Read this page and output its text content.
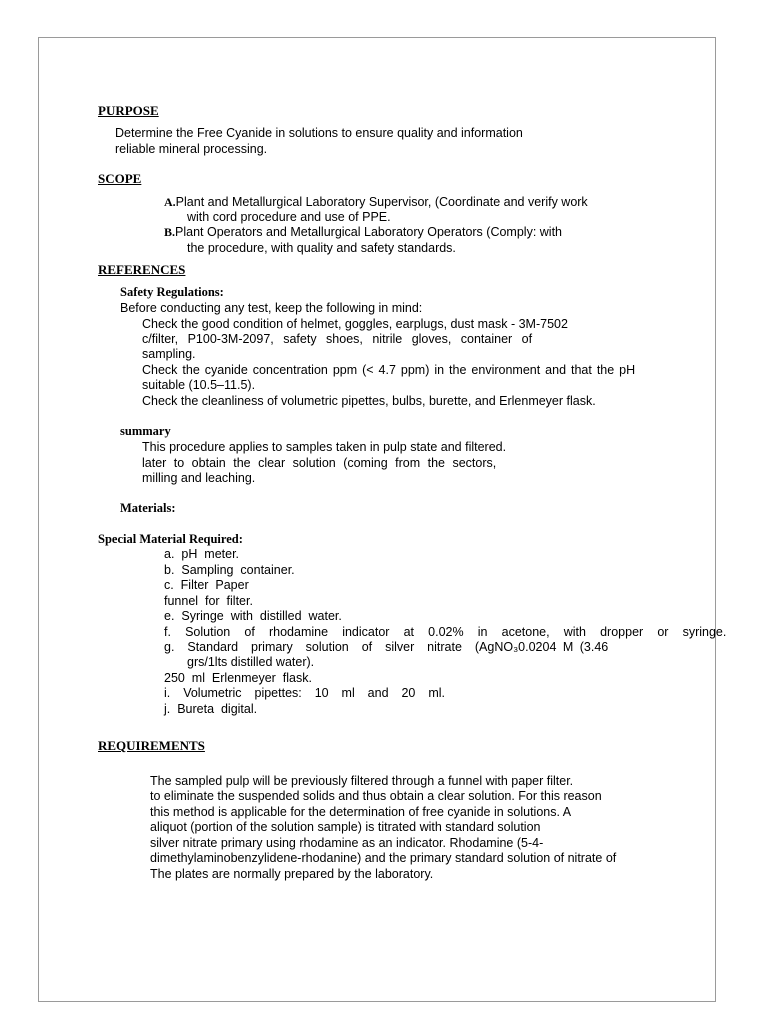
PURPOSE
Determine the Free Cyanide in solutions to ensure quality and information
reliable mineral processing.
SCOPE
A.Plant and Metallurgical Laboratory Supervisor, (Coordinate and verify work
with cord procedure and use of PPE.
B.Plant Operators and Metallurgical Laboratory Operators (Comply: with
the procedure, with quality and safety standards.
REFERENCES
Safety Regulations:
Before conducting any test, keep the following in mind:
Check the good condition of helmet, goggles, earplugs, dust mask - 3M-7502
c/filter, P100-3M-2097, safety shoes, nitrile gloves, container of
sampling.
Check the cyanide concentration ppm (< 4.7 ppm) in the environment and that the pH
suitable (10.5–11.5).
Check the cleanliness of volumetric pipettes, bulbs, burette, and Erlenmeyer flask.
summary
This procedure applies to samples taken in pulp state and filtered.
later to obtain the clear solution (coming from the sectors,
milling and leaching.
Materials:
Special Material Required:
a.  pH  meter.
b.  Sampling  container.
c.  Filter  Paper
funnel  for  filter.
e.  Syringe  with  distilled  water.
f.  Solution  of  rhodamine  indicator  at  0.02%  in  acetone,  with  dropper  or  syringe.
g.  Standard  primary  solution  of  silver  nitrate  (AgNO₃0.0204 M (3.46
grs/1lts distilled water).
250  ml  Erlenmeyer  flask.
i.  Volumetric  pipettes:  10  ml  and  20  ml.
j.  Bureta  digital.
REQUIREMENTS
The sampled pulp will be previously filtered through a funnel with paper filter.
to eliminate the suspended solids and thus obtain a clear solution. For this reason
this method is applicable for the determination of free cyanide in solutions. A
aliquot (portion of the solution sample) is titrated with standard solution
silver nitrate primary using rhodamine as an indicator. Rhodamine (5-4-
dimethylaminobenzylidene-rhodanine) and the primary standard solution of nitrate of
The plates are normally prepared by the laboratory.
